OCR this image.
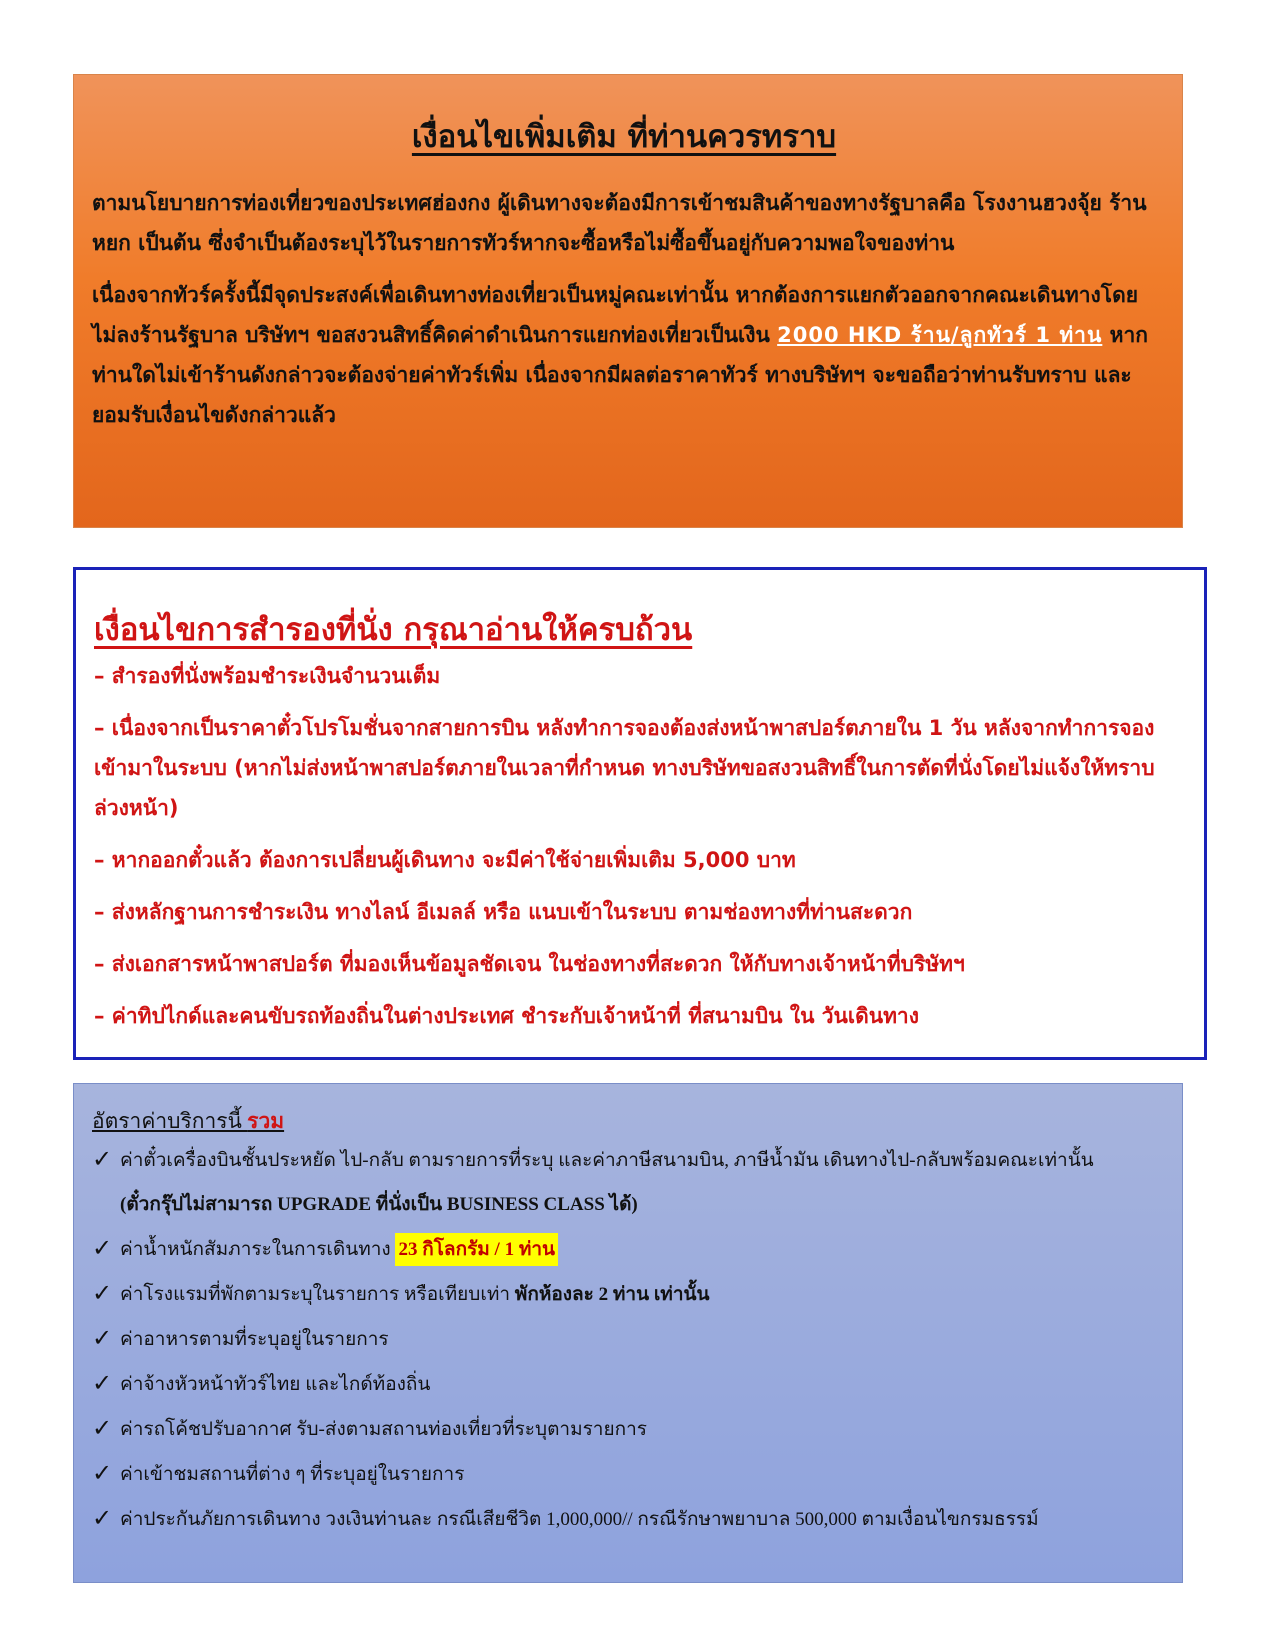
เงื่อนไขเพิ่มเติม ที่ท่านควรทราบ

ตามนโยบายการท่องเที่ยวของประเทศฮ่องกง ผู้เดินทางจะต้องมีการเข้าชมสินค้าของทางรัฐบาลคือ โรงงานฮวงจุ้ย ร้านหยก เป็นต้น ซึ่งจำเป็นต้องระบุไว้ในรายการทัวร์หากจะซื้อหรือไม่ซื้อขึ้นอยู่กับความพอใจของท่าน

เนื่องจากทัวร์ครั้งนี้มีจุดประสงค์เพื่อเดินทางท่องเที่ยวเป็นหมู่คณะเท่านั้น หากต้องการแยกตัวออกจากคณะเดินทางโดยไม่ลงร้านรัฐบาล บริษัทฯ ขอสงวนสิทธิ์คิดค่าดำเนินการแยกท่องเที่ยวเป็นเงิน 2000 HKD ร้าน/ลูกทัวร์ 1 ท่าน หากท่านใดไม่เข้าร้านดังกล่าวจะต้องจ่ายค่าทัวร์เพิ่ม เนื่องจากมีผลต่อราคาทัวร์ ทางบริษัทฯ จะขอถือว่าท่านรับทราบ และ ยอมรับเงื่อนไขดังกล่าวแล้ว

เงื่อนไขการสำรองที่นั่ง กรุณาอ่านให้ครบถ้วน
– สำรองที่นั่งพร้อมชำระเงินจำนวนเต็ม
– เนื่องจากเป็นราคาตั๋วโปรโมชั่นจากสายการบิน หลังทำการจองต้องส่งหน้าพาสปอร์ตภายใน 1 วัน หลังจากทำการจองเข้ามาในระบบ (หากไม่ส่งหน้าพาสปอร์ตภายในเวลาที่กำหนด ทางบริษัทขอสงวนสิทธิ์ในการตัดที่นั่งโดยไม่แจ้งให้ทราบล่วงหน้า)
– หากออกตั๋วแล้ว ต้องการเปลี่ยนผู้เดินทาง จะมีค่าใช้จ่ายเพิ่มเติม 5,000 บาท
– ส่งหลักฐานการชำระเงิน ทางไลน์ อีเมลล์ หรือ แนบเข้าในระบบ ตามช่องทางที่ท่านสะดวก
– ส่งเอกสารหน้าพาสปอร์ต ที่มองเห็นข้อมูลชัดเจน ในช่องทางที่สะดวก ให้กับทางเจ้าหน้าที่บริษัทฯ
– ค่าทิปไกด์และคนขับรถท้องถิ่นในต่างประเทศ ชำระกับเจ้าหน้าที่ ที่สนามบิน ใน วันเดินทาง
อัตราค่าบริการนี้ รวม
✓ ค่าตั๋วเครื่องบินชั้นประหยัด ไป-กลับ ตามรายการที่ระบุ และค่าภาษีสนามบิน, ภาษีน้ำมัน เดินทางไป-กลับพร้อมคณะเท่านั้น
(ตั๋วกรุ๊ปไม่สามารถ UPGRADE ที่นั่งเป็น BUSINESS CLASS ได้)
✓ ค่าน้ำหนักสัมภาระในการเดินทาง 23 กิโลกรัม / 1 ท่าน
✓ ค่าโรงแรมที่พักตามระบุในรายการ หรือเทียบเท่า พักห้องละ 2 ท่าน เท่านั้น
✓ ค่าอาหารตามที่ระบุอยู่ในรายการ
✓ ค่าจ้างหัวหน้าทัวร์ไทย และไกด์ท้องถิ่น
✓ ค่ารถโค้ชปรับอากาศ รับ-ส่งตามสถานท่องเที่ยวที่ระบุตามรายการ
✓ ค่าเข้าชมสถานที่ต่าง ๆ ที่ระบุอยู่ในรายการ
✓ ค่าประกันภัยการเดินทาง วงเงินท่านละ กรณีเสียชีวิต 1,000,000// กรณีรักษาพยาบาล 500,000 ตามเงื่อนไขกรมธรรม์
